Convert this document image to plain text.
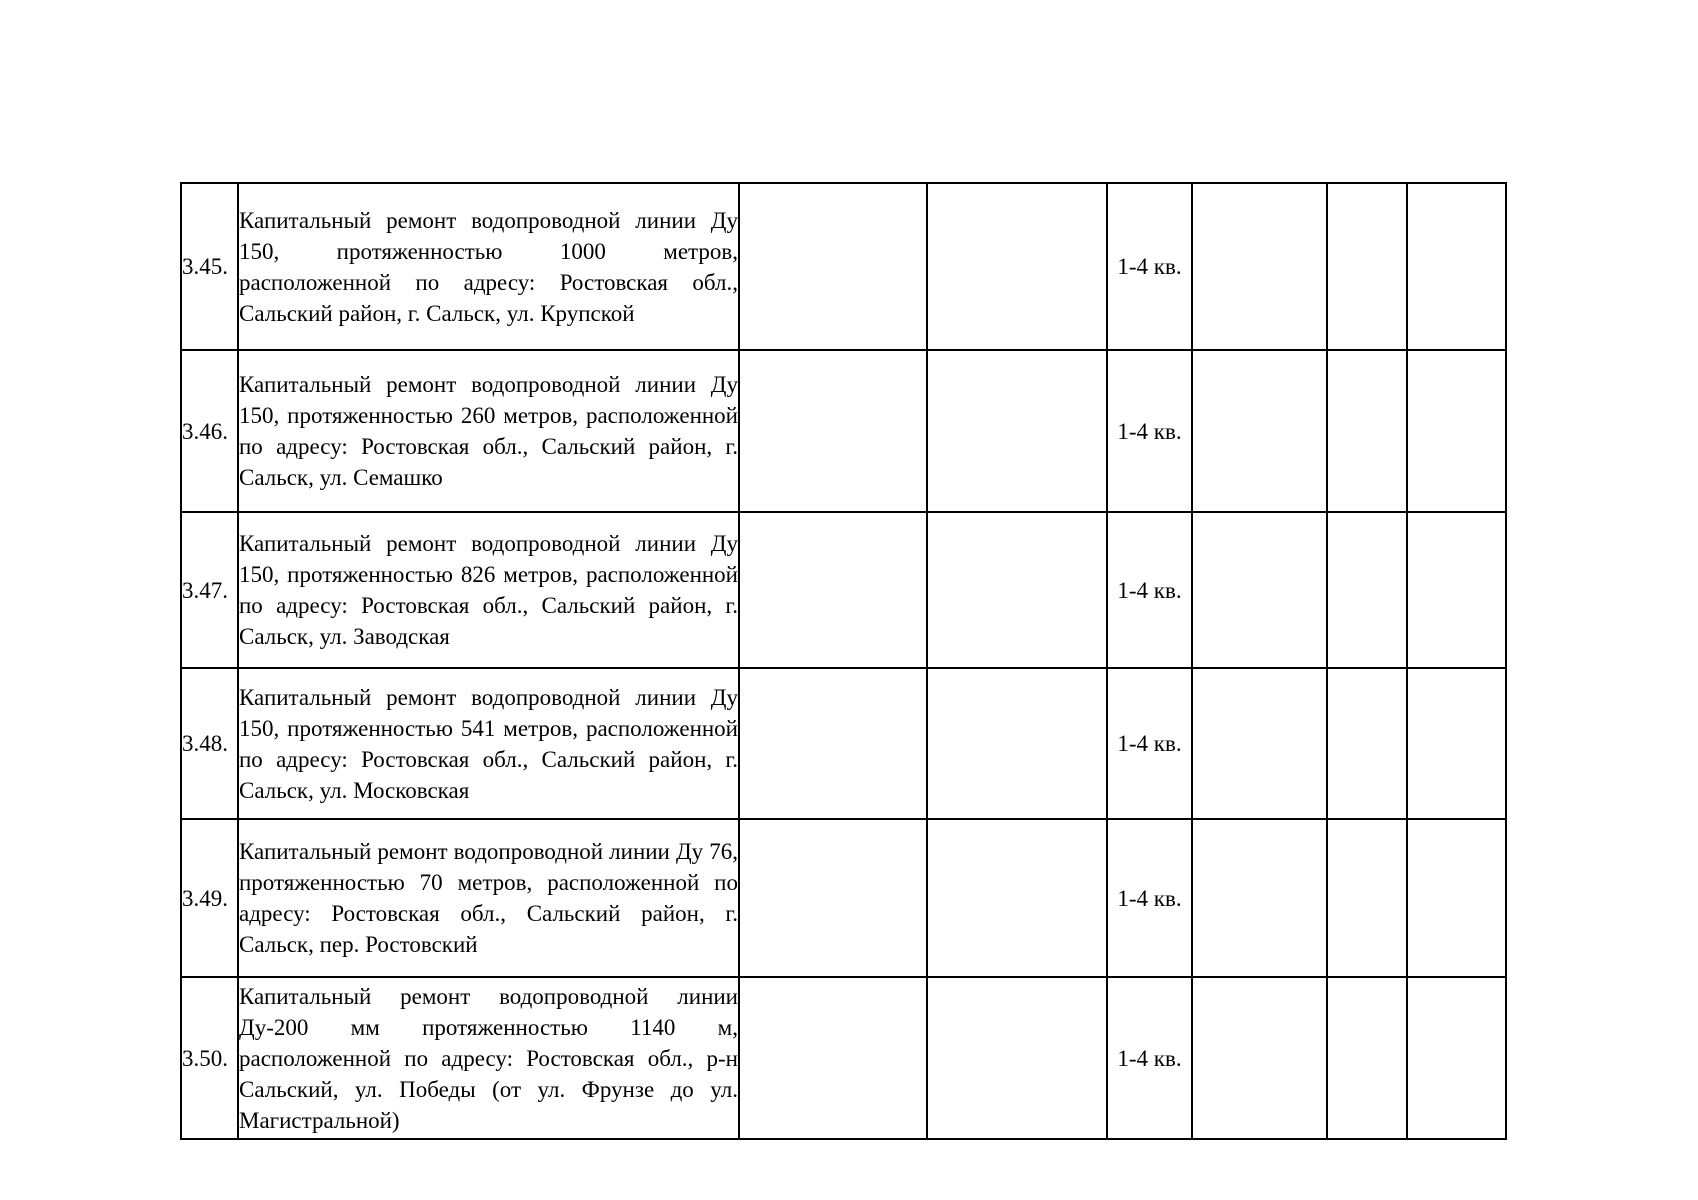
3.45.	Капитальный ремонт водопроводной линии Ду 150, протяженностью 1000 метров, расположенной по адресу: Ростовская обл., Сальский район, г. Сальск, ул. Крупской			1-4 кв.			
3.46.	Капитальный ремонт водопроводной линии Ду 150, протяженностью 260 метров, расположенной по адресу: Ростовская обл., Сальский район, г. Сальск, ул. Семашко			1-4 кв.			
3.47.	Капитальный ремонт водопроводной линии Ду 150, протяженностью 826 метров, расположенной по адресу: Ростовская обл., Сальский район, г. Сальск, ул. Заводская			1-4 кв.			
3.48.	Капитальный ремонт водопроводной линии Ду 150, протяженностью 541 метров, расположенной по адресу: Ростовская обл., Сальский район, г. Сальск, ул. Московская			1-4 кв.			
3.49.	Капитальный ремонт водопроводной линии Ду 76, протяженностью 70 метров, расположенной по адресу: Ростовская обл., Сальский район, г. Сальск, пер. Ростовский			1-4 кв.			
3.50.	Капитальный ремонт водопроводной линии Ду-200 мм протяженностью 1140 м, расположенной по адресу: Ростовская обл., р-н Сальский, ул. Победы (от ул. Фрунзе до ул. Магистральной)			1-4 кв.			
